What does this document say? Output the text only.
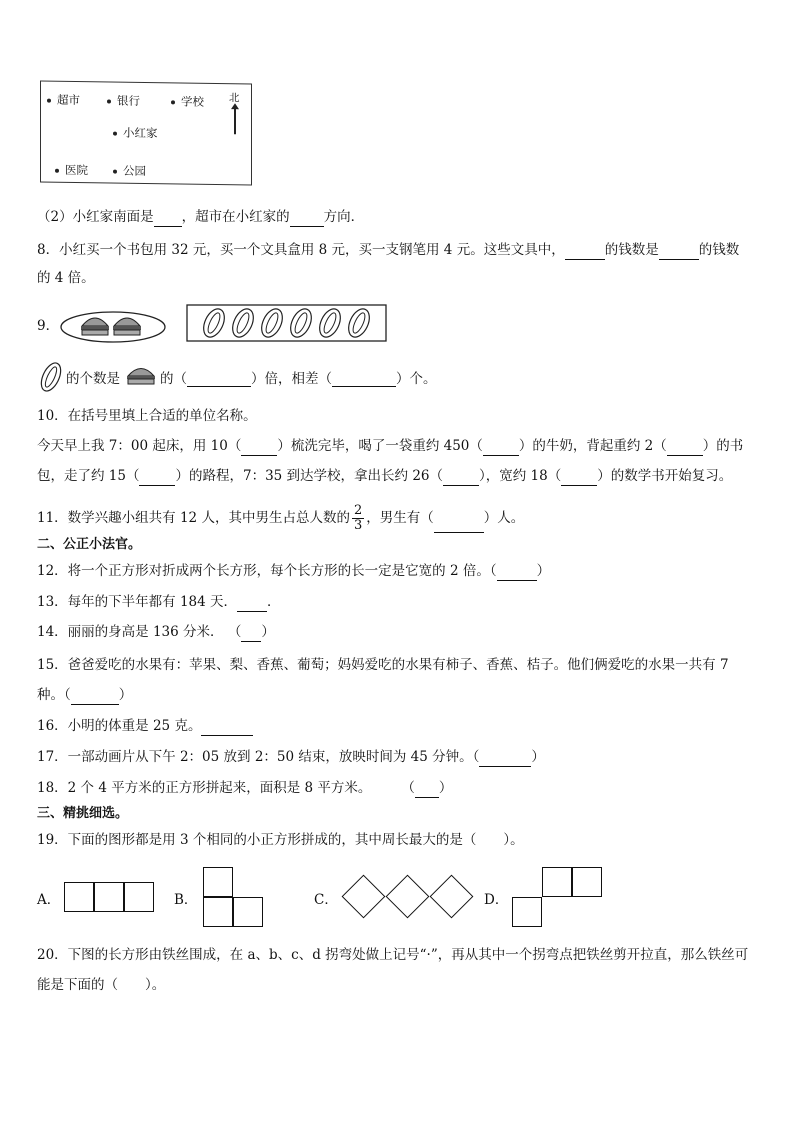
超市	银行	学校 北
小红家
医院	公园
（2）小红家南面是 ，超市在小红家的	方向．
8．小红买一个书包用 32 元，买一个文具盒用 8 元，买一支钢笔用 4 元。这些文具中，	的钱数是	的钱数
的 4 倍。
9．
的个数是	的（	）倍，相差（	）个。
10．在括号里填上合适的单位名称。
今天早上我 7：00 起床，用 10（	）梳洗完毕，喝了一袋重约 450（	）的牛奶，背起重约 2（	）的书
包，走了约 15（	）的路程，7：35 到达学校，拿出长约 26（	），宽约 18（	）的数学书开始复习。
11．数学兴趣小组共有 12 人，其中男生占总人数的 $\frac{2}{3}$ ，男生有（	）人。
二、公正小法官。
12．将一个正方形对折成两个长方形，每个长方形的长一定是它宽的 2 倍。（	）
13．每年的下半年都有 184 天． ．
14．丽丽的身高是 136 分米． （ ）
15．爸爸爱吃的水果有：苹果、梨、香蕉、葡萄；妈妈爱吃的水果有柿子、香蕉、桔子。他们俩爱吃的水果一共有 7
种。（	）
16．小明的体重是 25 克。
17．一部动画片从下午 2：05 放到 2：50 结束，放映时间为 45 分钟。（	）
18．2 个 4 平方米的正方形拼起来，面积是 8 平方米。 （ ）
三、精挑细选。
19．下面的图形都是用 3 个相同的小正方形拼成的，其中周长最大的是（　　）。
A．	B．	C．	D．
20．下图的长方形由铁丝围成，在 a、b、c、d 拐弯处做上记号“·”，再从其中一个拐弯点把铁丝剪开拉直，那么铁丝可
能是下面的（　　）。
